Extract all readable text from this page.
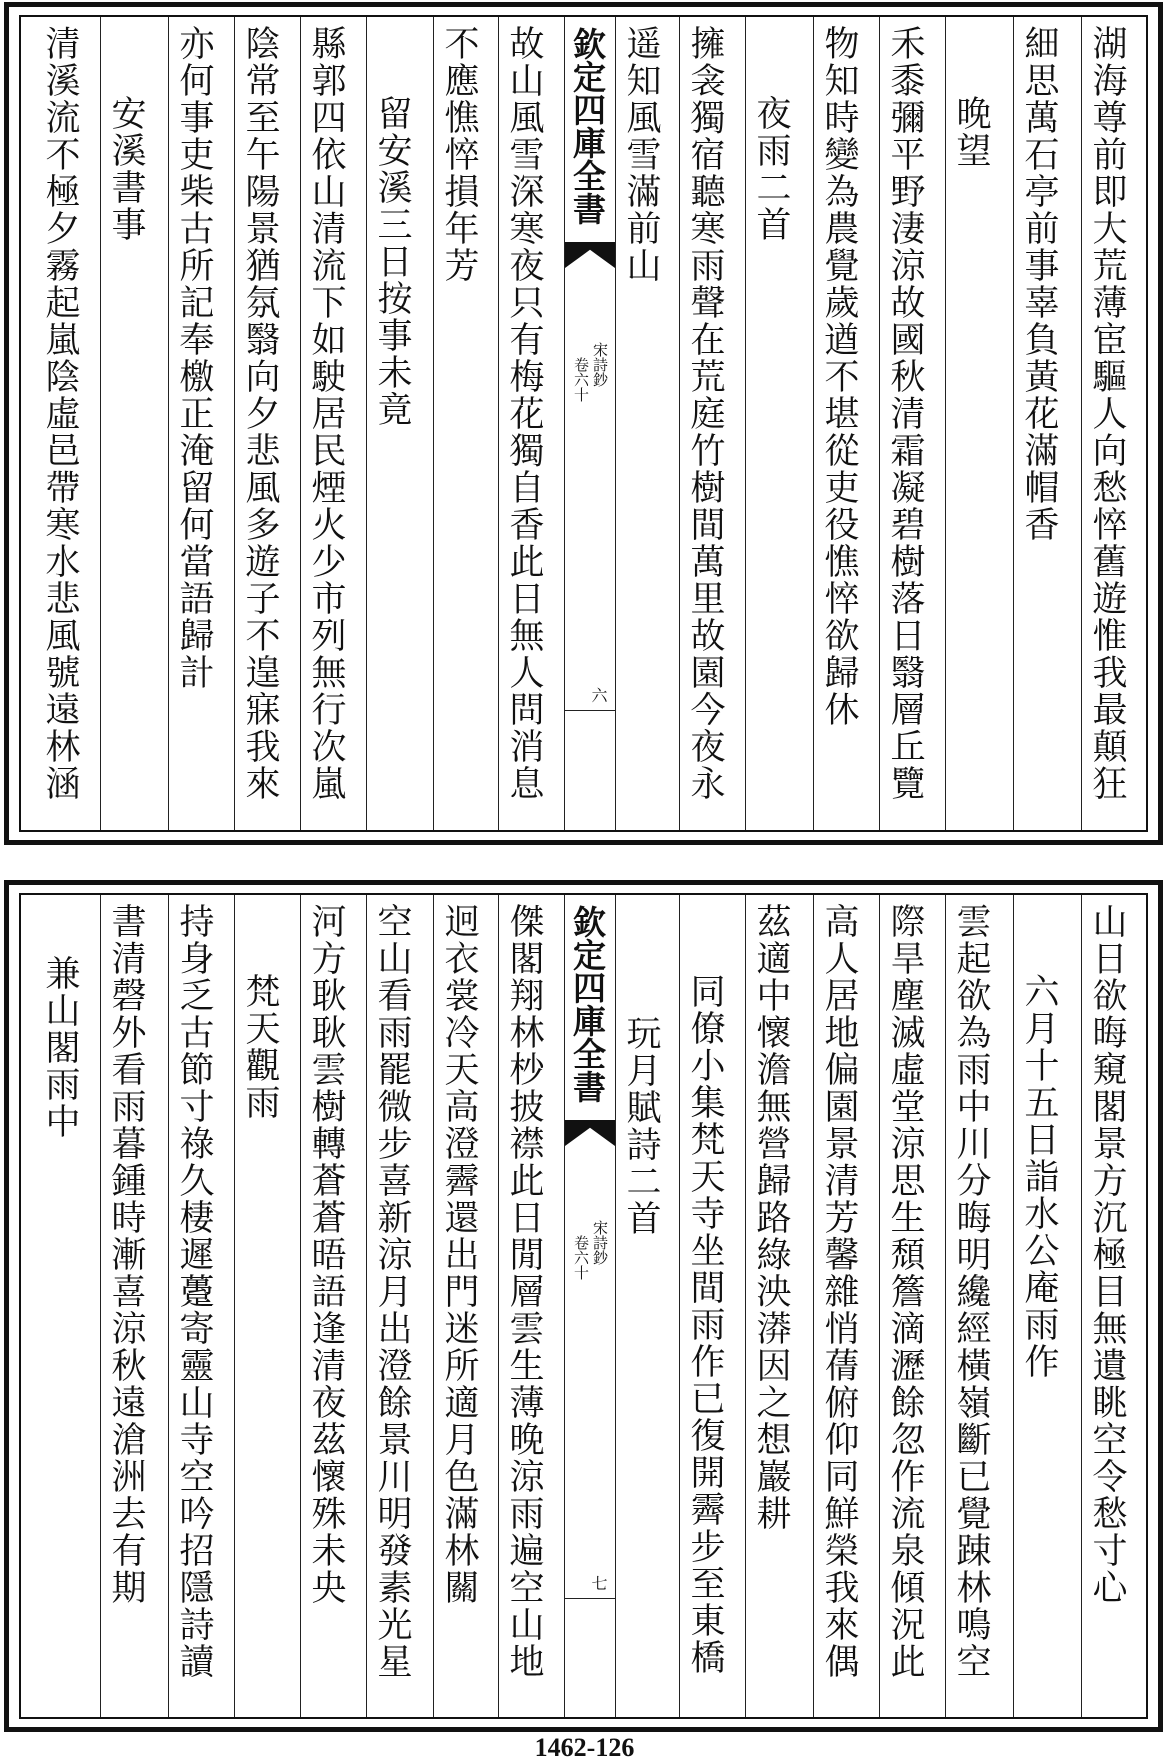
湖海尊前即大荒薄宦驅人向愁悴舊遊惟我最顛狂
細思萬石亭前事辜負黃花滿帽香
晚望
禾黍彌平野淒涼故國秋清霜凝碧樹落日翳層丘覽
物知時變為農覺歲遒不堪從吏役憔悴欲歸休
夜雨二首
擁衾獨宿聽寒雨聲在荒庭竹樹間萬里故園今夜永
遥知風雪滿前山
欽定四庫全書
宋詩鈔
卷六十
六
故山風雪深寒夜只有梅花獨自香此日無人問消息
不應憔悴損年芳
留安溪三日按事未竟
縣郭四依山清流下如駛居民煙火少市列無行次嵐
陰常至午陽景猶氛翳向夕悲風多遊子不遑寐我來
亦何事吏柴古所記奉檄正淹留何當語歸計
安溪書事
清溪流不極夕霧起嵐陰虛邑帶寒水悲風號遠林涵
山日欲晦窺閣景方沉極目無遺眺空令愁寸心
六月十五日詣水公庵雨作
雲起欲為雨中川分晦明纔經橫嶺斷已覺踈林鳴空
際旱塵滅虛堂涼思生頹簷滴瀝餘忽作流泉傾況此
高人居地偏園景清芳馨雜悄蒨俯仰同鮮榮我來偶
茲適中懷澹無營歸路綠泱漭因之想巖耕
同僚小集梵天寺坐間雨作已復開霽步至東橋
玩月賦詩二首
欽定四庫全書
宋詩鈔
卷六十
七
傑閣翔林杪披襟此日閒層雲生薄晚涼雨遍空山地
迥衣裳冷天高澄霽還出門迷所適月色滿林關
空山看雨罷微步喜新涼月出澄餘景川明發素光星
河方耿耿雲樹轉蒼蒼晤語逢清夜茲懷殊未央
梵天觀雨
持身乏古節寸祿久棲遲躉寄靈山寺空吟招隱詩讀
書清磬外看雨暮鍾時漸喜涼秋遠滄洲去有期
兼山閣雨中
1462-126
